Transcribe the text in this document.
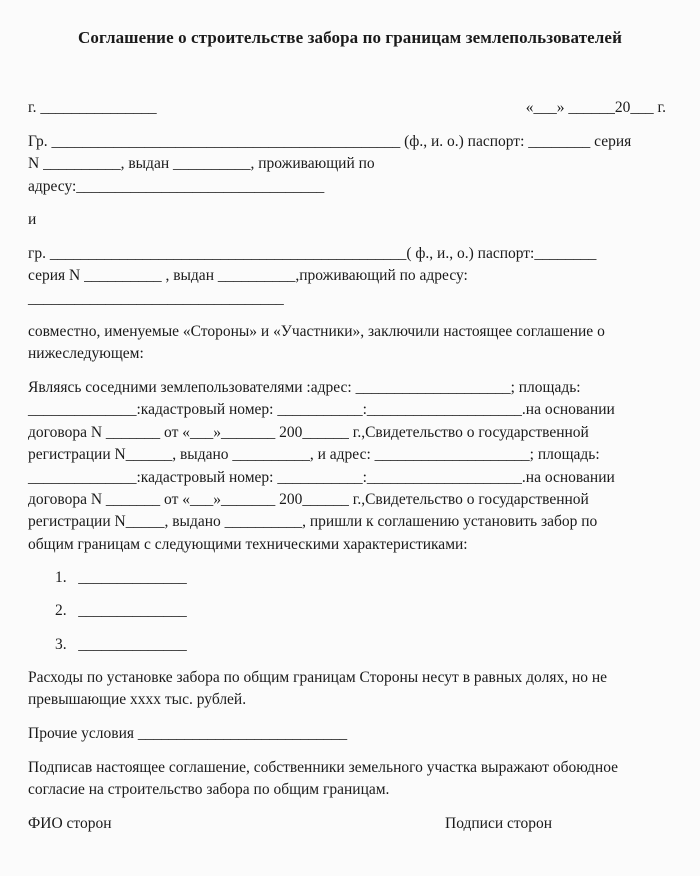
Соглашение о строительстве забора по границам землепользователей
г. _______________	«___» ______20___ г.
Гр. _____________________________________________ (ф., и. о.) паспорт: ________ серия
N __________, выдан __________, проживающий по
адресу:________________________________
и
гр. ______________________________________________( ф., и., о.) паспорт:________
серия N __________ , выдан __________,проживающий по адресу:
_________________________________
совместно, именуемые «Стороны» и «Участники», заключили настоящее соглашение о
нижеследующем:
Являясь соседними землепользователями :адрес: ____________________; площадь:
______________:кадастровый номер: ___________:____________________.на основании
договора N _______ от «___»_______ 200______ г.,Свидетельство о государственной
регистрации N______, выдано __________, и адрес: ____________________; площадь:
______________:кадастровый номер: ___________:____________________.на основании
договора N _______ от «___»_______ 200______ г.,Свидетельство о государственной
регистрации N_____, выдано __________, пришли к соглашению установить забор по
общим границам с следующими техническими характеристиками:
1.   ______________
2.   ______________
3.   ______________
Расходы по установке забора по общим границам Стороны несут в равных долях, но не
превышающие хххх тыс. рублей.
Прочие условия ___________________________
Подписав настоящее соглашение, собственники земельного участка выражают обоюдное
согласие на строительство забора по общим границам.
ФИО сторон	Подписи сторон
